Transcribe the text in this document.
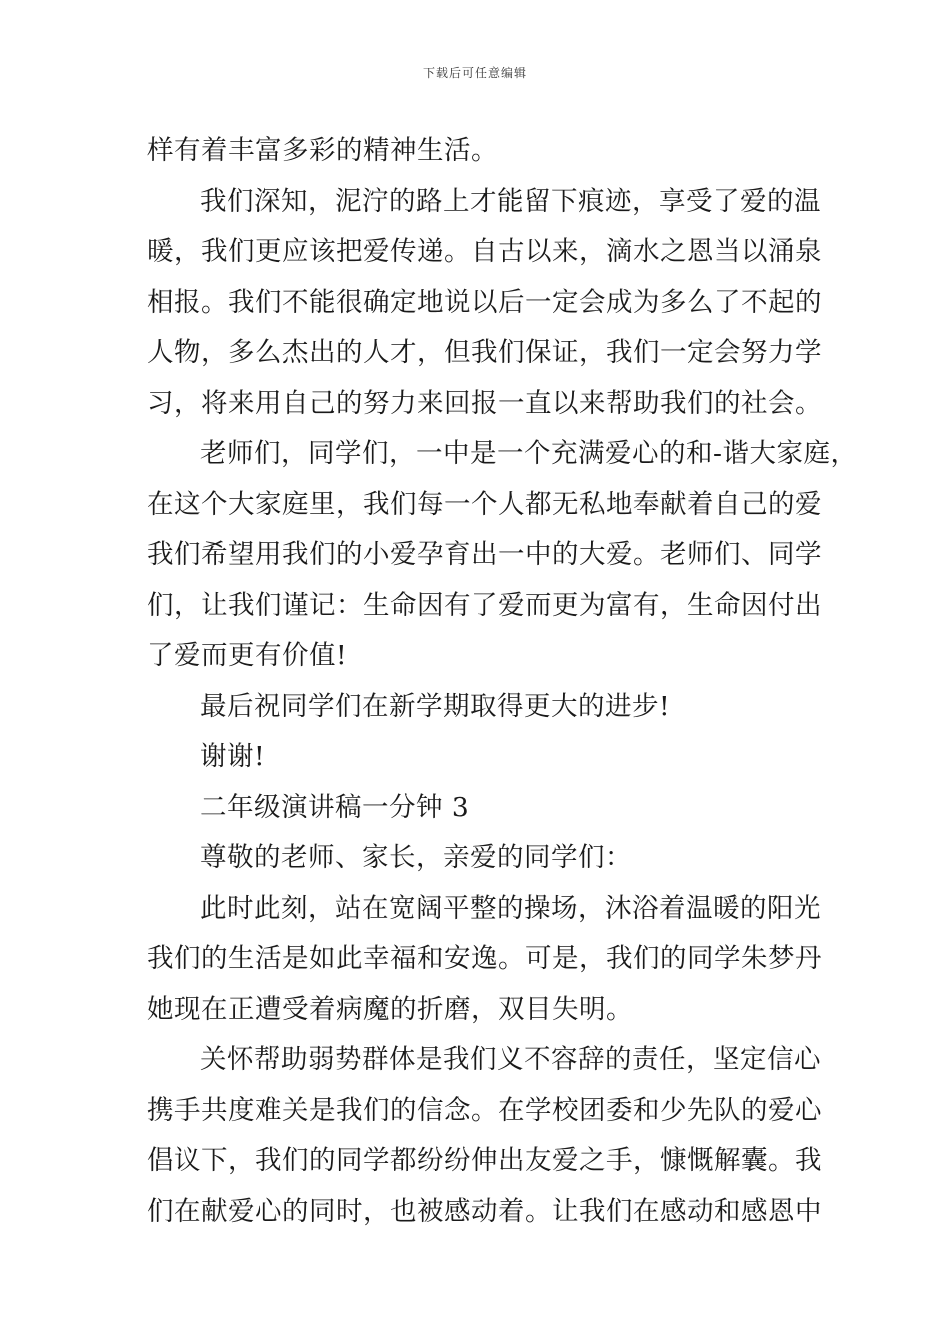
下载后可任意编辑
样有着丰富多彩的精神生活。
我们深知，泥泞的路上才能留下痕迹，享受了爱的温
暖，我们更应该把爱传递。自古以来，滴水之恩当以涌泉
相报。我们不能很确定地说以后一定会成为多么了不起的
人物，多么杰出的人才，但我们保证，我们一定会努力学
习，将来用自己的努力来回报一直以来帮助我们的社会。
老师们，同学们，一中是一个充满爱心的和-谐大家庭，
在这个大家庭里，我们每一个人都无私地奉献着自己的爱
我们希望用我们的小爱孕育出一中的大爱。老师们、同学
们，让我们谨记：生命因有了爱而更为富有，生命因付出
了爱而更有价值!
最后祝同学们在新学期取得更大的进步!
谢谢!
二年级演讲稿一分钟 3
尊敬的老师、家长，亲爱的同学们：
此时此刻，站在宽阔平整的操场，沐浴着温暖的阳光
我们的生活是如此幸福和安逸。可是，我们的同学朱梦丹
她现在正遭受着病魔的折磨，双目失明。
关怀帮助弱势群体是我们义不容辞的责任，坚定信心
携手共度难关是我们的信念。在学校团委和少先队的爱心
倡议下，我们的同学都纷纷伸出友爱之手，慷慨解囊。我
们在献爱心的同时，也被感动着。让我们在感动和感恩中
